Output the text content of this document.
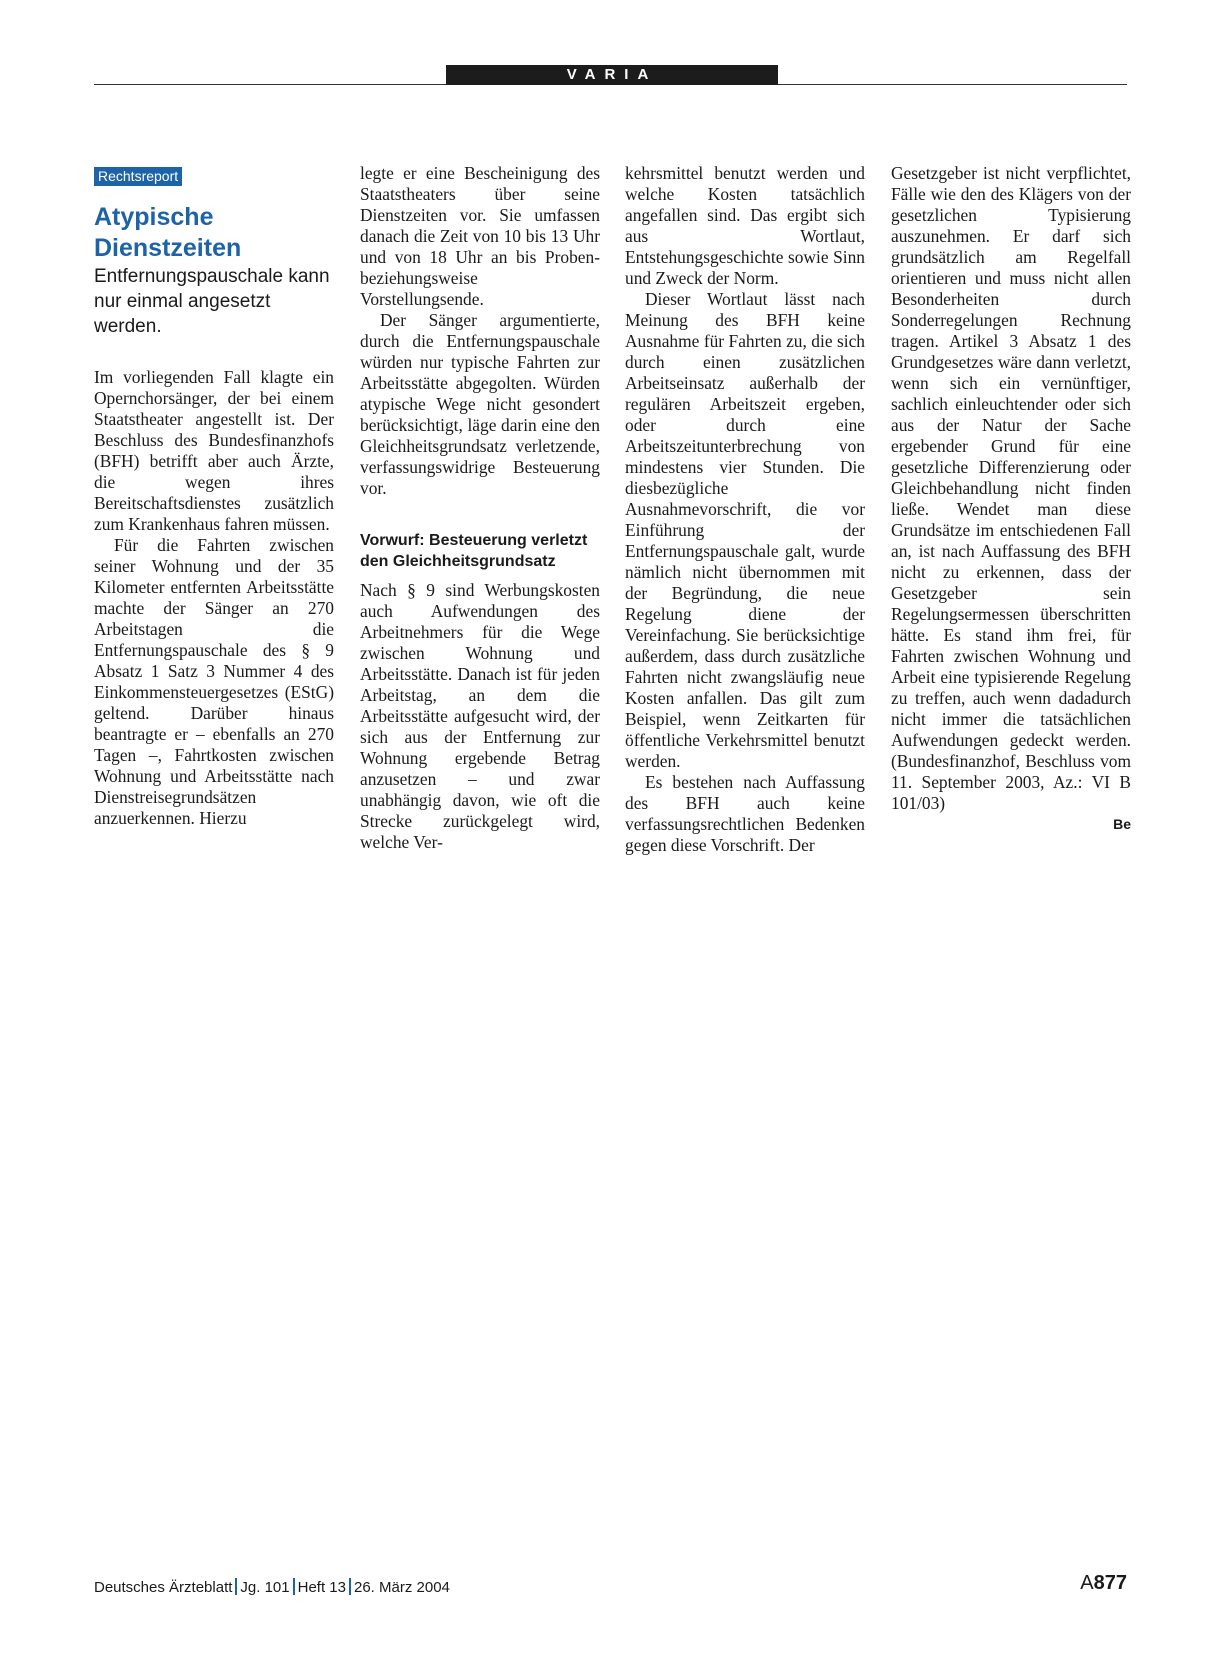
VARIA
Rechtsreport
Atypische Dienstzeiten

Entfernungspauschale kann nur einmal angesetzt werden.

Im vorliegenden Fall klagte ein Opernchorsänger, der bei einem Staatstheater angestellt ist. Der Beschluss des Bundesfinanzhofs (BFH) betrifft aber auch Ärzte, die wegen ihres Bereitschaftsdienstes zusätzlich zum Krankenhaus fahren müssen.

Für die Fahrten zwischen seiner Wohnung und der 35 Kilometer entfernten Arbeitsstätte machte der Sänger an 270 Arbeitstagen die Entfernungspauschale des § 9 Absatz 1 Satz 3 Nummer 4 des Einkommensteuergesetzes (EStG) geltend. Darüber hinaus beantragte er – ebenfalls an 270 Tagen –, Fahrtkosten zwischen Wohnung und Arbeitsstätte nach Dienstreisegrundsätzen anzuerkennen. Hierzu

legte er eine Bescheinigung des Staatstheaters über seine Dienstzeiten vor. Sie umfassen danach die Zeit von 10 bis 13 Uhr und von 18 Uhr an bis Proben- beziehungsweise Vorstellungsende.

Der Sänger argumentierte, durch die Entfernungspauschale würden nur typische Fahrten zur Arbeitsstätte abgegolten. Würden atypische Wege nicht gesondert berücksichtigt, läge darin eine den Gleichheitsgrundsatz verletzende, verfassungswidrige Besteuerung vor.

Vorwurf: Besteuerung verletzt den Gleichheitsgrundsatz

Nach § 9 sind Werbungskosten auch Aufwendungen des Arbeitnehmers für die Wege zwischen Wohnung und Arbeitsstätte. Danach ist für jeden Arbeitstag, an dem die Arbeitsstätte aufgesucht wird, der sich aus der Entfernung zur Wohnung ergebende Betrag anzusetzen – und zwar unabhängig davon, wie oft die Strecke zurückgelegt wird, welche Ver-

kehrsmittel benutzt werden und welche Kosten tatsächlich angefallen sind. Das ergibt sich aus Wortlaut, Entstehungsgeschichte sowie Sinn und Zweck der Norm.

Dieser Wortlaut lässt nach Meinung des BFH keine Ausnahme für Fahrten zu, die sich durch einen zusätzlichen Arbeitseinsatz außerhalb der regulären Arbeitszeit ergeben, oder durch eine Arbeitszeitunterbrechung von mindestens vier Stunden. Die diesbezügliche Ausnahmevorschrift, die vor Einführung der Entfernungspauschale galt, wurde nämlich nicht übernommen mit der Begründung, die neue Regelung diene der Vereinfachung. Sie berücksichtige außerdem, dass durch zusätzliche Fahrten nicht zwangsläufig neue Kosten anfallen. Das gilt zum Beispiel, wenn Zeitkarten für öffentliche Verkehrsmittel benutzt werden.

Es bestehen nach Auffassung des BFH auch keine verfassungsrechtlichen Bedenken gegen diese Vorschrift. Der

Gesetzgeber ist nicht verpflichtet, Fälle wie den des Klägers von der gesetzlichen Typisierung auszunehmen. Er darf sich grundsätzlich am Regelfall orientieren und muss nicht allen Besonderheiten durch Sonderregelungen Rechnung tragen. Artikel 3 Absatz 1 des Grundgesetzes wäre dann verletzt, wenn sich ein vernünftiger, sachlich einleuchtender oder sich aus der Natur der Sache ergebender Grund für eine gesetzliche Differenzierung oder Gleichbehandlung nicht finden ließe. Wendet man diese Grundsätze im entschiedenen Fall an, ist nach Auffassung des BFH nicht zu erkennen, dass der Gesetzgeber sein Regelungsermessen überschritten hätte. Es stand ihm frei, für Fahrten zwischen Wohnung und Arbeit eine typisierende Regelung zu treffen, auch wenn dadadurch nicht immer die tatsächlichen Aufwendungen gedeckt werden. (Bundesfinanzhof, Beschluss vom 11. September 2003, Az.: VI B 101/03)

Be

Deutsches Ärzteblatt Jg. 101 Heft 13 26. März 2004	A877
